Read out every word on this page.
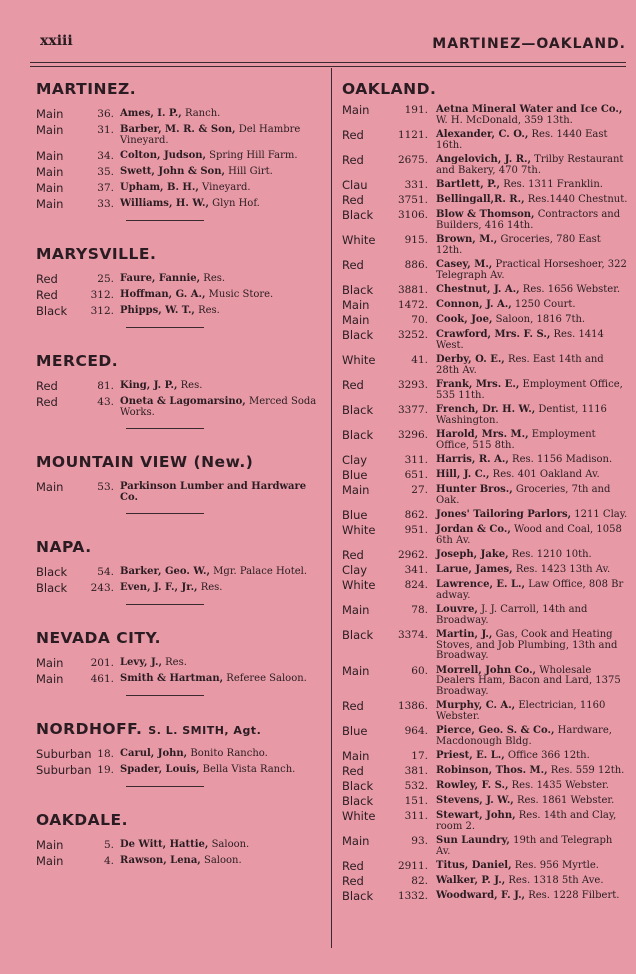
xxiii	MARTINEZ—OAKLAND.
MARTINEZ.
Main	36. Ames, I. P., Ranch.
Main	31. Barber, M. R. & Son, Del Hambre Vineyard.
Main	34. Colton, Judson, Spring Hill Farm.
Main	35. Swett, John & Son, Hill Girt.
Main	37. Upham, B. H., Vineyard.
Main	33. Williams, H. W., Glyn Hof.
MARYSVILLE.
Red	25. Faure, Fannie, Res.
Red	312. Hoffman, G. A., Music Store.
Black	312. Phipps, W. T., Res.
MERCED.
Red	81. King, J. P., Res.
Red	43. Oneta & Lagomarsino, Merced Soda Works.
MOUNTAIN VIEW (New.)
Main	53. Parkinson Lumber and Hardware Co.
NAPA.
Black	54. Barker, Geo. W., Mgr. Palace Hotel.
Black	243. Even, J. F., Jr., Res.
NEVADA CITY.
Main	201. Levy, J., Res.
Main	461. Smith & Hartman, Referee Saloon.
NORDHOFF. S. L. SMITH, Agt.
Suburban 18. Carul, John, Bonito Rancho.
Suburban 19. Spader, Louis, Bella Vista Ranch.
OAKDALE.
Main	5. De Witt, Hattie, Saloon.
Main	4. Rawson, Lena, Saloon.
OAKLAND.
Main	191. Aetna Mineral Water and Ice Co., W. H. McDonald, 359 13th.
Red	1121. Alexander, C. O., Res. 1440 East 16th.
Red	2675. Angelovich, J. R., Trilby Restaurant and Bakery, 470 7th.
Clau	331. Bartlett, P., Res. 1311 Franklin.
Red	3751. Bellingall,R. R., Res.1440 Chestnut.
Black	3106. Blow & Thomson, Contractors and Builders, 416 14th.
White	915. Brown, M., Groceries, 780 East 12th.
Red	886. Casey, M., Practical Horseshoer, 322 Telegraph Av.
Black	3881. Chestnut, J. A., Res. 1656 Webster.
Main	1472. Connon, J. A., 1250 Court.
Main	70. Cook, Joe, Saloon, 1816 7th.
Black	3252. Crawford, Mrs. F. S., Res. 1414 West.
White	41. Derby, O. E., Res. East 14th and 28th Av.
Red	3293. Frank, Mrs. E., Employment Office, 535 11th.
Black	3377. French, Dr. H. W., Dentist, 1116 Washington.
Black	3296. Harold, Mrs. M., Employment Office, 515 8th.
Clay	311. Harris, R. A., Res. 1156 Madison.
Blue	651. Hill, J. C., Res. 401 Oakland Av.
Main	27. Hunter Bros., Groceries, 7th and Oak.
Blue	862. Jones' Tailoring Parlors, 1211 Clay.
White	951. Jordan & Co., Wood and Coal, 1058 6th Av.
Red	2962. Joseph, Jake, Res. 1210 10th.
Clay	341. Larue, James, Res. 1423 13th Av.
White	824. Lawrence, E. L., Law Office, 808 Br adway.
Main	78. Louvre, J. J. Carroll, 14th and Broadway.
Black	3374. Martin, J., Gas, Cook and Heating Stoves, and Job Plumbing, 13th and Broadway.
Main	60. Morrell, John Co., Wholesale Dealers Ham, Bacon and Lard, 1375 Broadway.
Red	1386. Murphy, C. A., Electrician, 1160 Webster.
Blue	964. Pierce, Geo. S. & Co., Hardware, Macdonough Bldg.
Main	17. Priest, E. L., Office 366 12th.
Red	381. Robinson, Thos. M., Res. 559 12th.
Black	532. Rowley, F. S., Res. 1435 Webster.
Black	151. Stevens, J. W., Res. 1861 Webster.
White	311. Stewart, John, Res. 14th and Clay, room 2.
Main	93. Sun Laundry, 19th and Telegraph Av.
Red	2911. Titus, Daniel, Res. 956 Myrtle.
Red	82. Walker, P. J., Res. 1318 5th Ave.
Black	1332. Woodward, F. J., Res. 1228 Filbert.
